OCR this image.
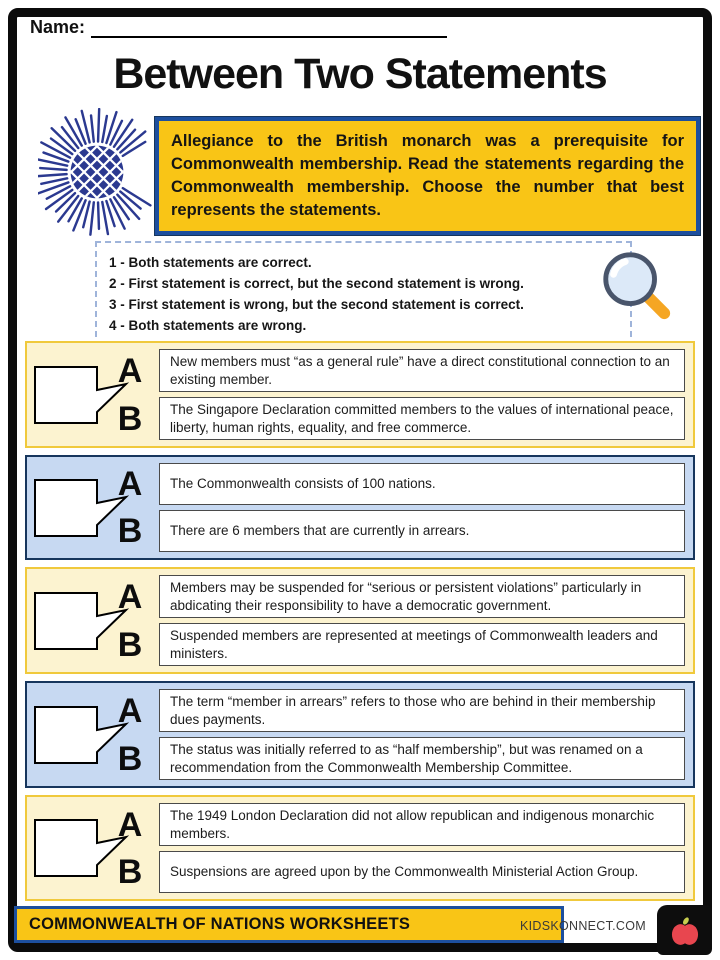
Name:
Between Two Statements
Allegiance to the British monarch was a prerequisite for Commonwealth membership. Read the statements regarding the Commonwealth membership. Choose the number that best represents the statements.
1 - Both statements are correct.
2 - First statement is correct, but the second statement is wrong.
3 - First statement is wrong, but the second statement is correct.
4 - Both statements are wrong.
A	New members must “as a general rule” have a direct constitutional connection to an existing member.
B	The Singapore Declaration committed members to the values of international peace, liberty, human rights, equality, and free commerce.
A	The Commonwealth consists of 100 nations.
B	There are 6 members that are currently in arrears.
A	Members may be suspended for “serious or persistent violations” particularly in abdicating their responsibility to have a democratic government.
B	Suspended members are represented at meetings of Commonwealth leaders and ministers.
A	The term “member in arrears” refers to those who are behind in their membership dues payments.
B	The status was initially referred to as “half membership”, but was renamed on a recommendation from the Commonwealth Membership Committee.
A	The 1949 London Declaration did not allow republican and indigenous monarchic members.
B	Suspensions are agreed upon by the Commonwealth Ministerial Action Group.
COMMONWEALTH OF NATIONS WORKSHEETS	KIDSKONNECT.COM
